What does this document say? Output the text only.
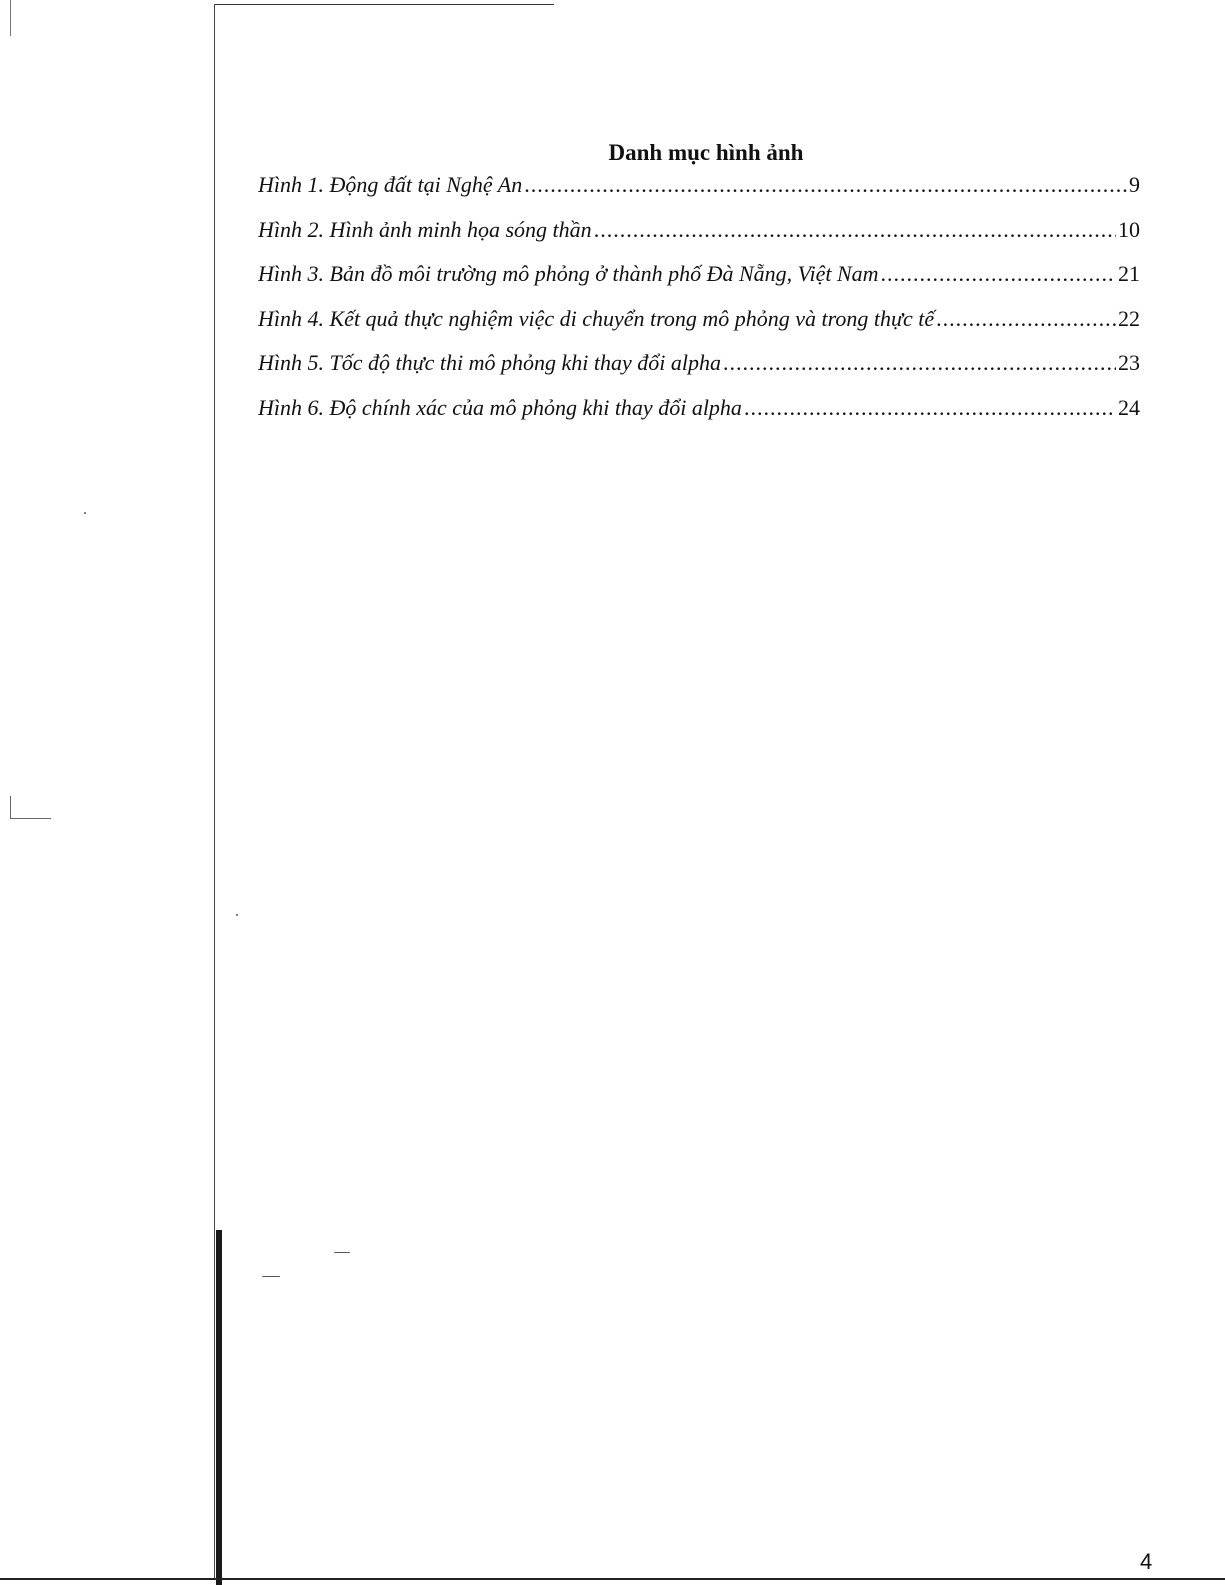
Danh mục hình ảnh
Hình 1. Động đất tại Nghệ An .....	9
Hình 2. Hình ảnh minh họa sóng thần .....	10
Hình 3. Bản đồ môi trường mô phỏng ở thành phố Đà Nẵng, Việt Nam .....	21
Hình 4. Kết quả thực nghiệm việc di chuyển trong mô phỏng và trong thực tế .....	22
Hình 5. Tốc độ thực thi mô phỏng khi thay đổi alpha .....	23
Hình 6. Độ chính xác của mô phỏng khi thay đổi alpha .....	24
4
